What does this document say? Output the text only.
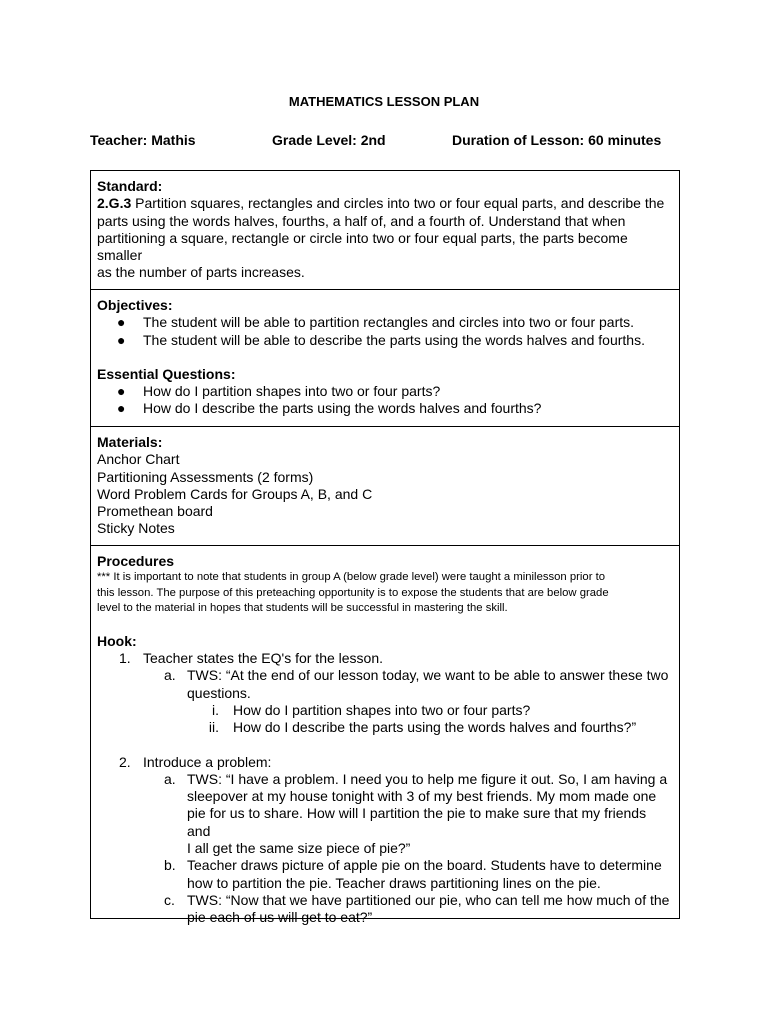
MATHEMATICS LESSON PLAN
Teacher: Mathis	Grade Level: 2nd	Duration of Lesson: 60 minutes
Standard:
2.G.3 Partition squares, rectangles and circles into two or four equal parts, and describe the
parts using the words halves, fourths, a half of, and a fourth of. Understand that when
partitioning a square, rectangle or circle into two or four equal parts, the parts become smaller
as the number of parts increases.
Objectives:
● The student will be able to partition rectangles and circles into two or four parts.
● The student will be able to describe the parts using the words halves and fourths.
Essential Questions:
● How do I partition shapes into two or four parts?
● How do I describe the parts using the words halves and fourths?
Materials:
Anchor Chart
Partitioning Assessments (2 forms)
Word Problem Cards for Groups A, B, and C
Promethean board
Sticky Notes
Procedures
*** It is important to note that students in group A (below grade level) were taught a minilesson prior to
this lesson. The purpose of this preteaching opportunity is to expose the students that are below grade
level to the material in hopes that students will be successful in mastering the skill.
Hook:
1. Teacher states the EQ's for the lesson.
a. TWS: “At the end of our lesson today, we want to be able to answer these two
questions.
i. How do I partition shapes into two or four parts?
ii. How do I describe the parts using the words halves and fourths?”
2. Introduce a problem:
a. TWS: “I have a problem. I need you to help me figure it out. So, I am having a
sleepover at my house tonight with 3 of my best friends. My mom made one
pie for us to share. How will I partition the pie to make sure that my friends and
I all get the same size piece of pie?”
b. Teacher draws picture of apple pie on the board. Students have to determine
how to partition the pie. Teacher draws partitioning lines on the pie.
c. TWS: “Now that we have partitioned our pie, who can tell me how much of the
pie each of us will get to eat?”
